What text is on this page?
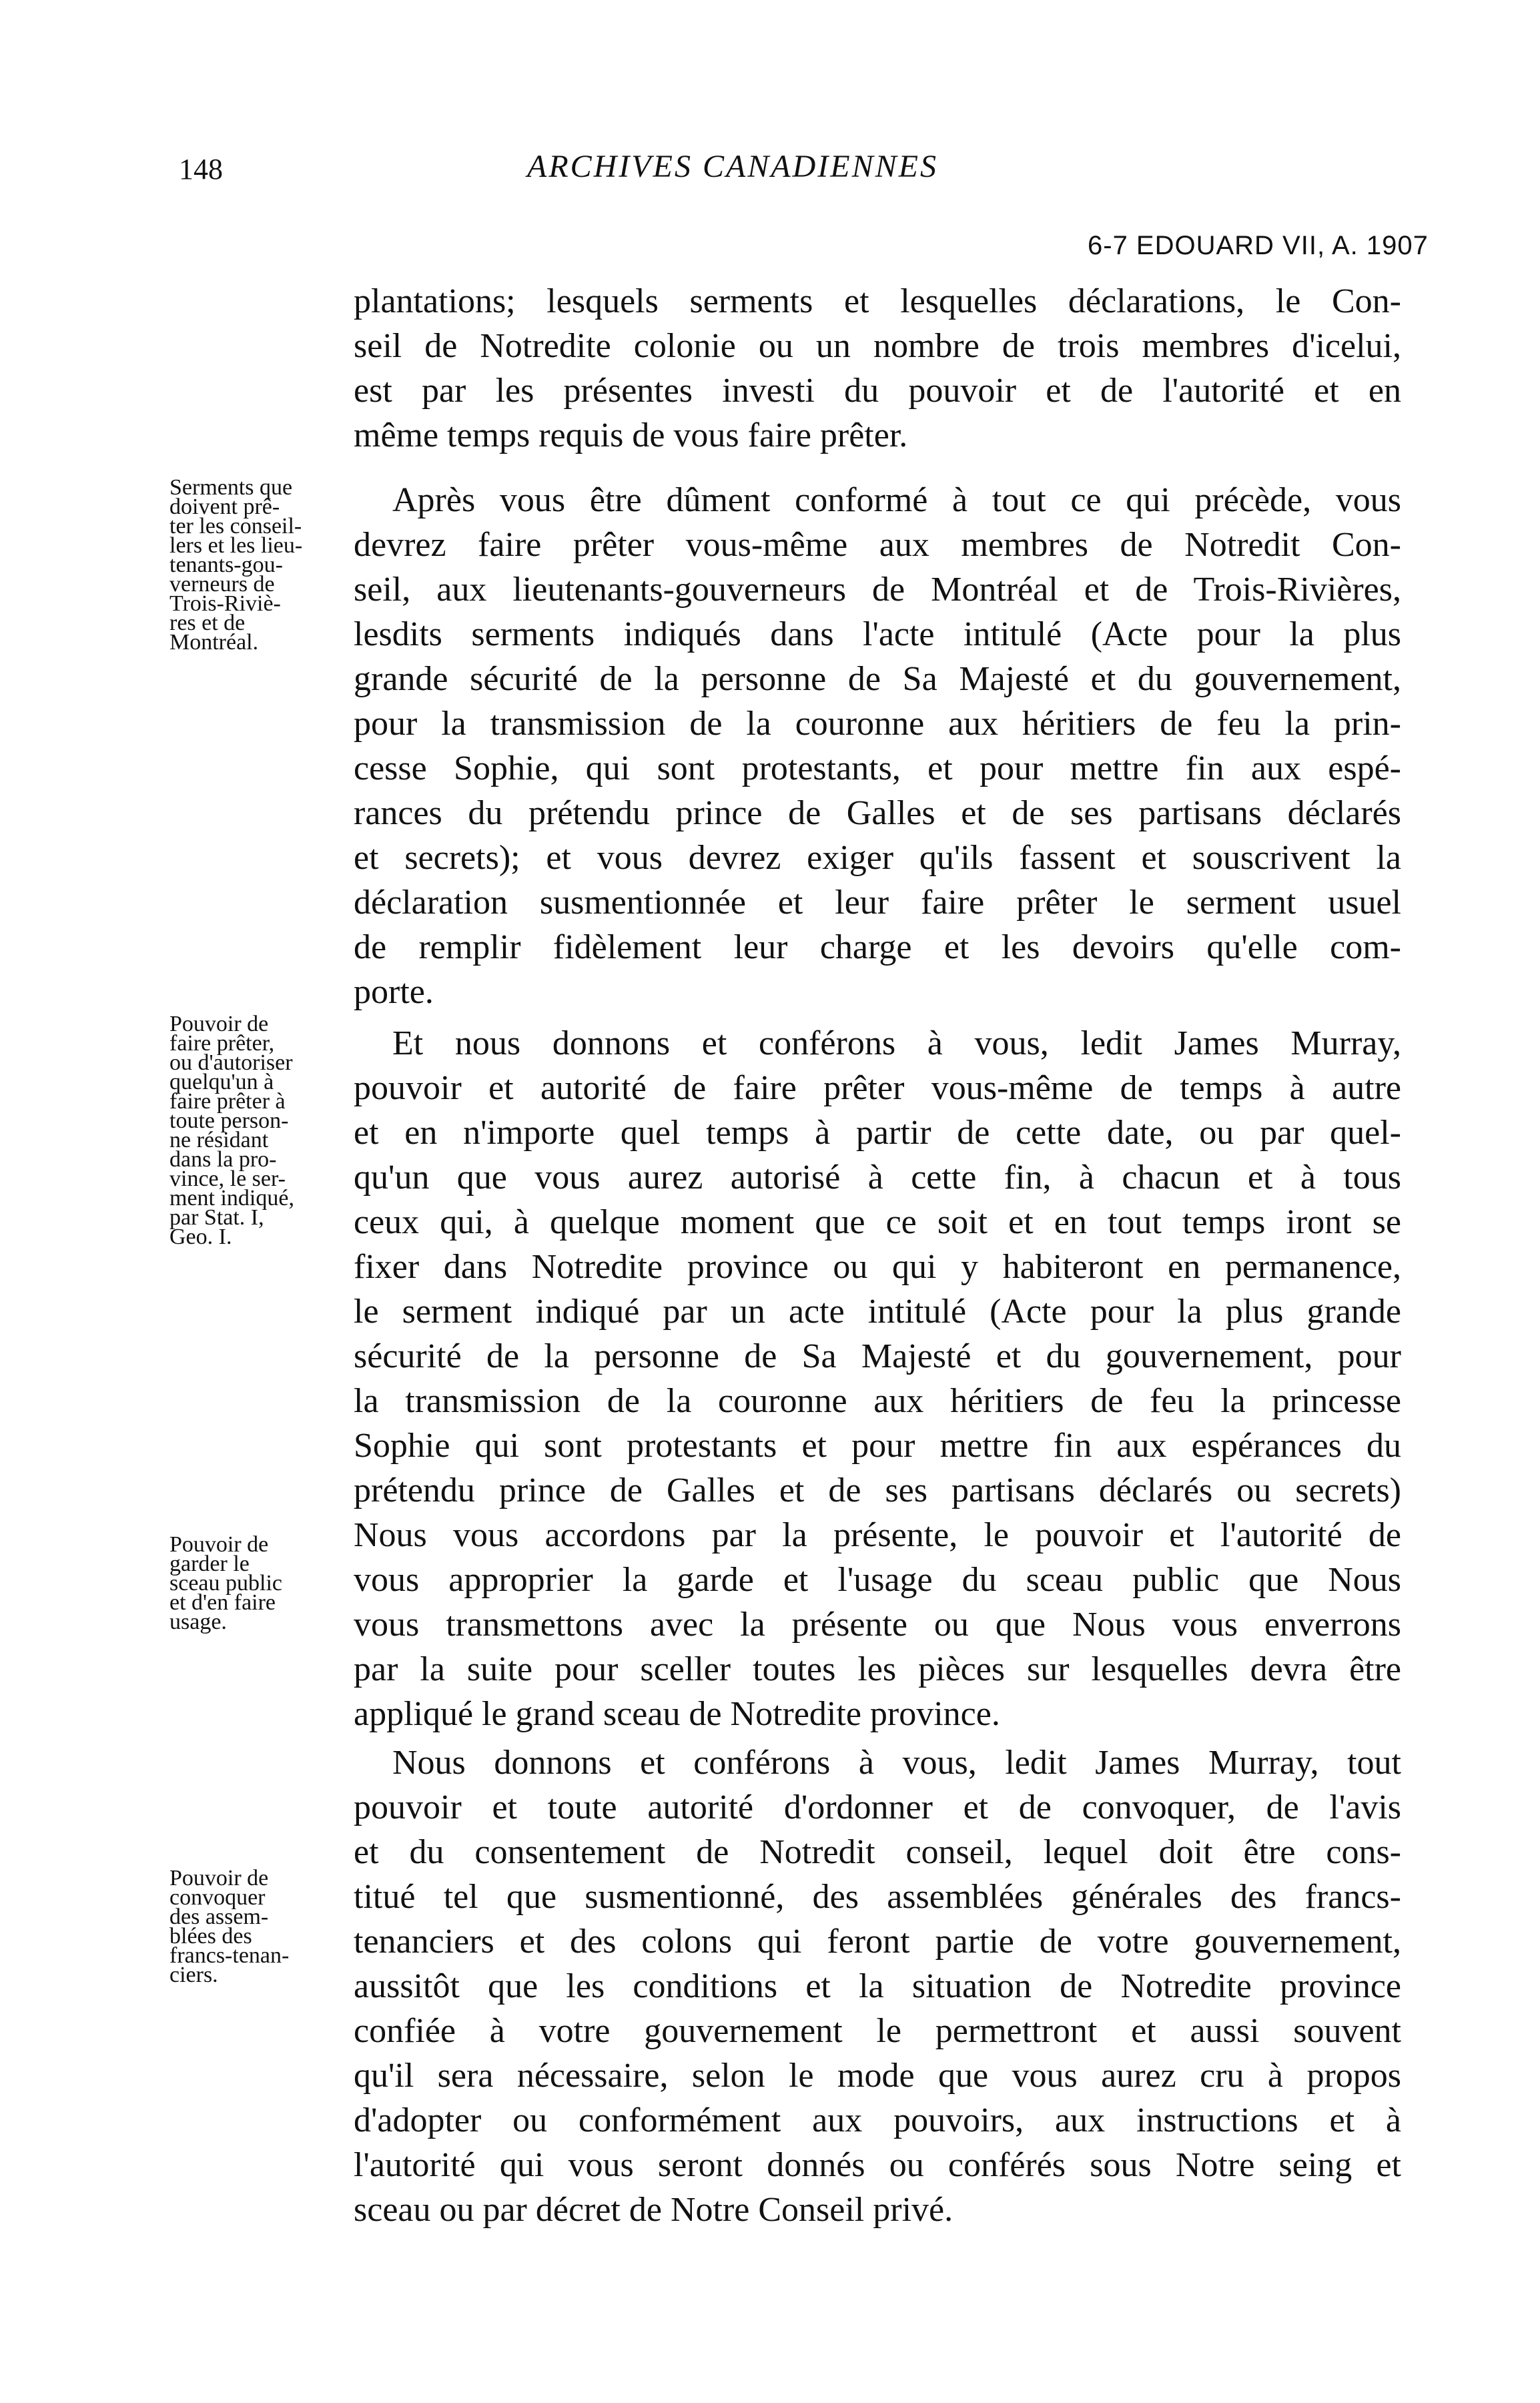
148	ARCHIVES CANADIENNES
6-7 EDOUARD VII, A. 1907
plantations; lesquels serments et lesquelles déclarations, le Con-
seil de Notredite colonie ou un nombre de trois membres d'icelui,
est par les présentes investi du pouvoir et de l'autorité et en
même temps requis de vous faire prêter.
Après vous être dûment conformé à tout ce qui précède, vous
devrez faire prêter vous-même aux membres de Notredit Con-
seil, aux lieutenants-gouverneurs de Montréal et de Trois-Rivières,
lesdits serments indiqués dans l'acte intitulé (Acte pour la plus
grande sécurité de la personne de Sa Majesté et du gouvernement,
pour la transmission de la couronne aux héritiers de feu la prin-
cesse Sophie, qui sont protestants, et pour mettre fin aux espé-
rances du prétendu prince de Galles et de ses partisans déclarés
et secrets); et vous devrez exiger qu'ils fassent et souscrivent la
déclaration susmentionnée et leur faire prêter le serment usuel
de remplir fidèlement leur charge et les devoirs qu'elle com-
porte.
Et nous donnons et conférons à vous, ledit James Murray,
pouvoir et autorité de faire prêter vous-même de temps à autre
et en n'importe quel temps à partir de cette date, ou par quel-
qu'un que vous aurez autorisé à cette fin, à chacun et à tous
ceux qui, à quelque moment que ce soit et en tout temps iront se
fixer dans Notredite province ou qui y habiteront en permanence,
le serment indiqué par un acte intitulé (Acte pour la plus grande
sécurité de la personne de Sa Majesté et du gouvernement, pour
la transmission de la couronne aux héritiers de feu la princesse
Sophie qui sont protestants et pour mettre fin aux espérances du
prétendu prince de Galles et de ses partisans déclarés ou secrets)
Nous vous accordons par la présente, le pouvoir et l'autorité de
vous approprier la garde et l'usage du sceau public que Nous
vous transmettons avec la présente ou que Nous vous enverrons
par la suite pour sceller toutes les pièces sur lesquelles devra être
appliqué le grand sceau de Notredite province.
Nous donnons et conférons à vous, ledit James Murray, tout
pouvoir et toute autorité d'ordonner et de convoquer, de l'avis
et du consentement de Notredit conseil, lequel doit être cons-
titué tel que susmentionné, des assemblées générales des francs-
tenanciers et des colons qui feront partie de votre gouvernement,
aussitôt que les conditions et la situation de Notredite province
confiée à votre gouvernement le permettront et aussi souvent
qu'il sera nécessaire, selon le mode que vous aurez cru à propos
d'adopter ou conformément aux pouvoirs, aux instructions et à
l'autorité qui vous seront donnés ou conférés sous Notre seing et
sceau ou par décret de Notre Conseil privé.
Serments que
doivent prê-
ter les conseil-
lers et les lieu-
tenants-gou-
verneurs de
Trois-Riviè-
res et de
Montréal.
Pouvoir de
faire prêter,
ou d'autoriser
quelqu'un à
faire prêter à
toute person-
ne résidant
dans la pro-
vince, le ser-
ment indiqué,
par Stat. I,
Geo. I.
Pouvoir de
garder le
sceau public
et d'en faire
usage.
Pouvoir de
convoquer
des assem-
blées des
francs-tenan-
ciers.
